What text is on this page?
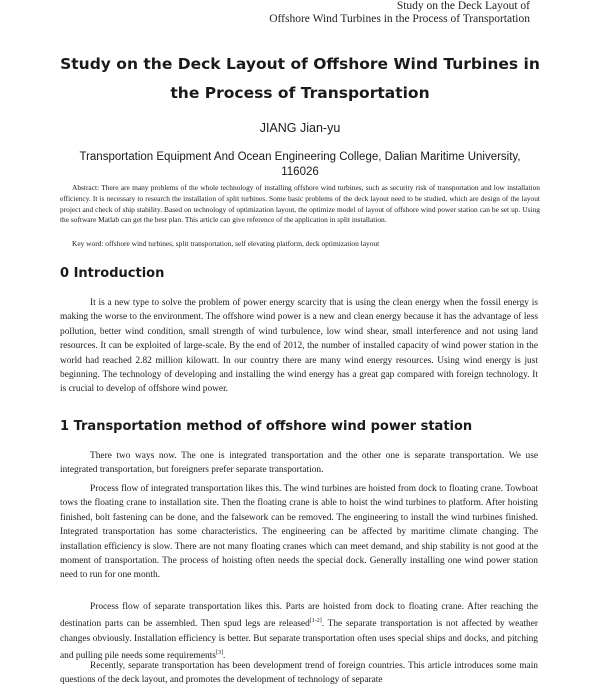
Study on the Deck Layout of
Offshore Wind Turbines in the Process of Transportation
Study on the Deck Layout of Offshore Wind Turbines in the Process of Transportation
JIANG Jian-yu
Transportation Equipment And Ocean Engineering College, Dalian Maritime University, 116026
Abstract: There are many problems of the whole technology of installing offshore wind turbines, such as security risk of transportation and low installation efficiency. It is necessary to research the installation of split turbines. Some basic problems of the deck layout need to be studied, which are design of the layout project and check of ship stability. Based on technology of optimization layout, the optimize model of layout of offshore wind power station can be set up. Using the software Matlab can get the best plan. This article can give reference of the application in split installation.
Key word: offshore wind turbines, split transportation, self elevating platform, deck optimization layout
0 Introduction

It is a new type to solve the problem of power energy scarcity that is using the clean energy when the fossil energy is making the worse to the environment. The offshore wind power is a new and clean energy because it has the advantage of less pollution, better wind condition, small strength of wind turbulence, low wind shear, small interference and not using land resources. It can be exploited of large-scale. By the end of 2012, the number of installed capacity of wind power station in the world had reached 2.82 million kilowatt. In our country there are many wind energy resources. Using wind energy is just beginning. The technology of developing and installing the wind energy has a great gap compared with foreign technology. It is crucial to develop of offshore wind power.

1 Transportation method of offshore wind power station

There two ways now. The one is integrated transportation and the other one is separate transportation. We use integrated transportation, but foreigners prefer separate transportation.

Process flow of integrated transportation likes this. The wind turbines are hoisted from dock to floating crane. Towboat tows the floating crane to installation site. Then the floating crane is able to hoist the wind turbines to platform. After hoisting finished, bolt fastening can be done, and the falsework can be removed. The engineering to install the wind turbines finished. Integrated transportation has some characteristics. The engineering can be affected by maritime climate changing. The installation efficiency is slow. There are not many floating cranes which can meet demand, and ship stability is not good at the moment of transportation. The process of hoisting often needs the special dock. Generally installing one wind power station need to run for one month.

Process flow of separate transportation likes this. Parts are hoisted from dock to floating crane. After reaching the destination parts can be assembled. Then spud legs are released[1-2]. The separate transportation is not affected by weather changes obviously. Installation efficiency is better. But separate transportation often uses special ships and docks, and pitching and pulling pile needs some requirements[3].

Recently, separate transportation has been development trend of foreign countries. This article introduces some main questions of the deck layout, and promotes the development of technology of separate
